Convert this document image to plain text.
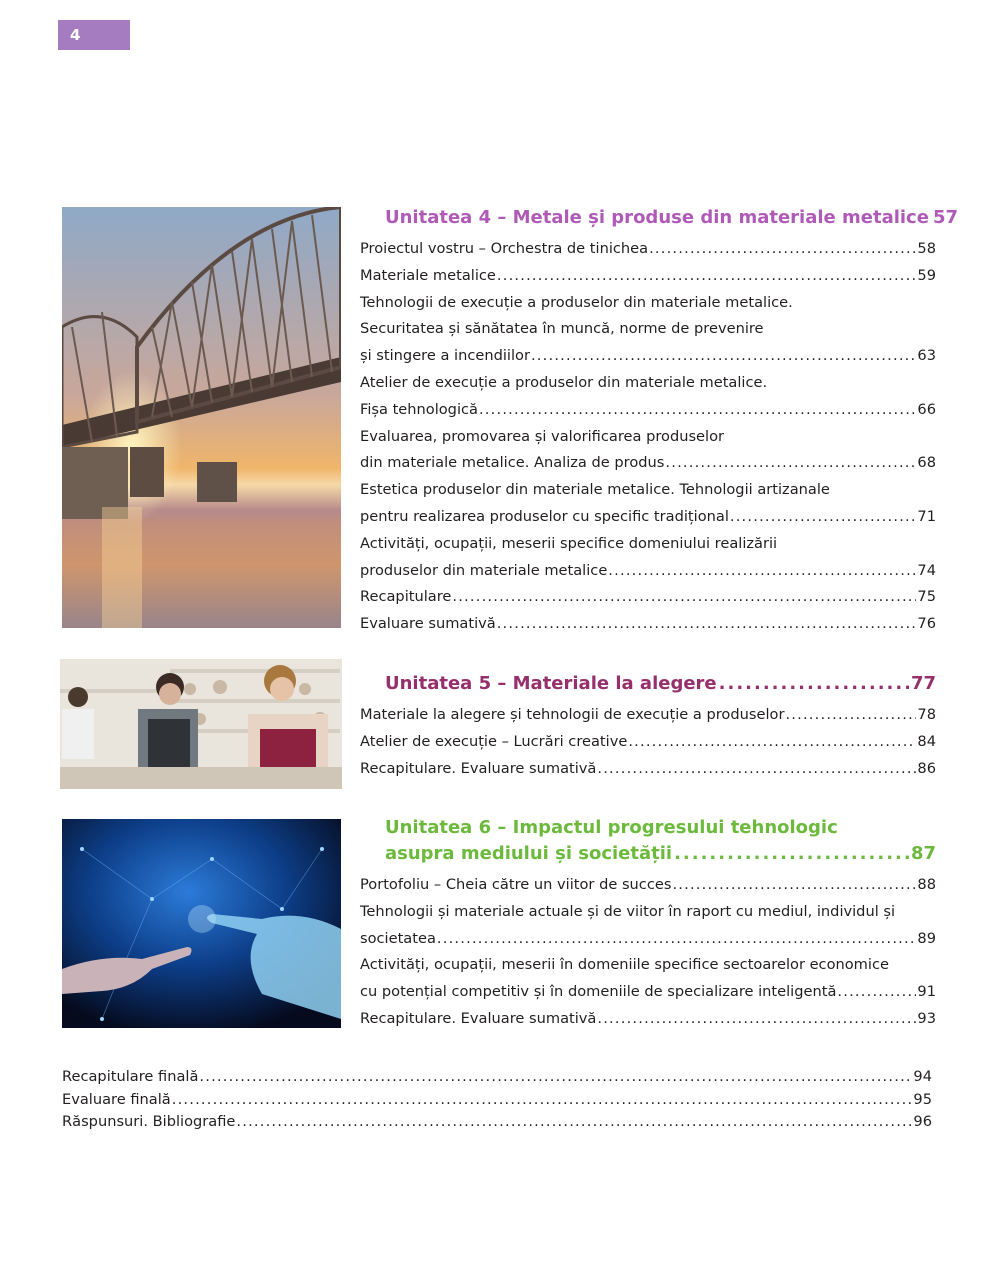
4
Unitatea 4 – Metale și produse din materiale metalice 57
Proiectul vostru – Orchestra de tinichea .....	58
Materiale metalice .....	59
Tehnologii de execuție a produselor din materiale metalice.
Securitatea și sănătatea în muncă, norme de prevenire
și stingere a incendiilor .....	63
Atelier de execuție a produselor din materiale metalice.
Fișa tehnologică .....	66
Evaluarea, promovarea și valorificarea produselor
din materiale metalice. Analiza de produs .....	68
Estetica produselor din materiale metalice. Tehnologii artizanale
pentru realizarea produselor cu specific tradițional .....	71
Activități, ocupații, meserii specifice domeniului realizării
produselor din materiale metalice .....	74
Recapitulare .....	75
Evaluare sumativă .....	76
Unitatea 5 – Materiale la alegere .....	77
Materiale la alegere și tehnologii de execuție a produselor .....	78
Atelier de execuție – Lucrări creative .....	84
Recapitulare. Evaluare sumativă .....	86
Unitatea 6 – Impactul progresului tehnologic
asupra mediului și societății .....	87
Portofoliu – Cheia către un viitor de succes .....	88
Tehnologii și materiale actuale și de viitor în raport cu mediul, individul și
societatea .....	89
Activități, ocupații, meserii în domeniile specifice sectoarelor economice
cu potențial competitiv și în domeniile de specializare inteligentă .....	91
Recapitulare. Evaluare sumativă .....	93
Recapitulare finală .....	94
Evaluare finală .....	95
Răspunsuri. Bibliografie .....	96
